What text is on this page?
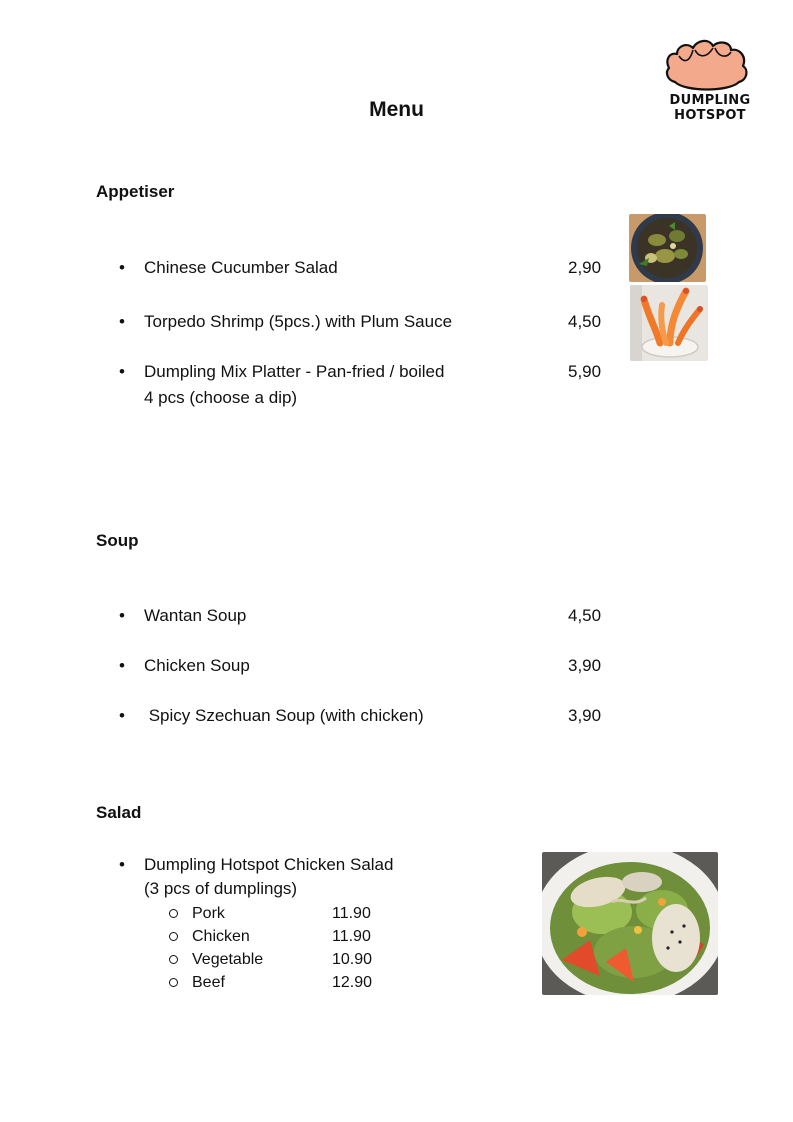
DUMPLING
HOTSPOT
Menu
Appetiser
• Chinese Cucumber Salad	2,90
• Torpedo Shrimp (5pcs.) with Plum Sauce	4,50
• Dumpling Mix Platter - Pan-fried / boiled
4 pcs (choose a dip)
5,90
Soup
• Wantan Soup	4,50
• Chicken Soup	3,90
• Spicy Szechuan Soup (with chicken)	3,90
Salad
• Dumpling Hotspot Chicken Salad
(3 pcs of dumplings)
Pork	11.90
Chicken	11.90
Vegetable	10.90
Beef	12.90
